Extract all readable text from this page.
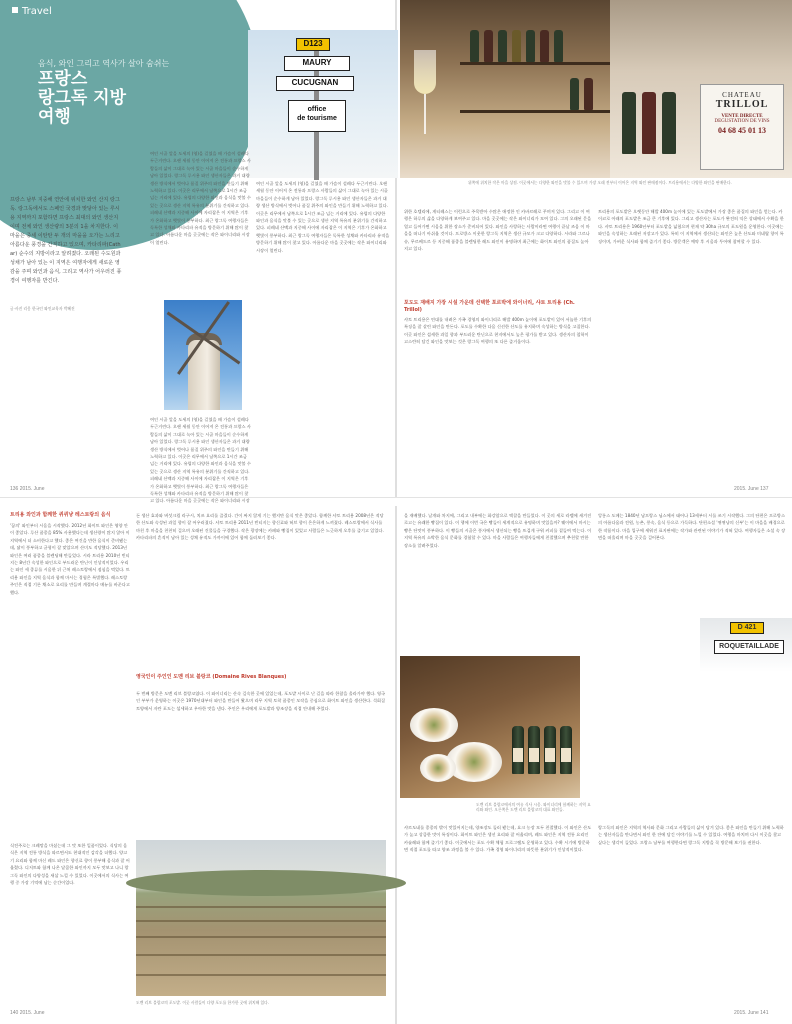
Travel
음식, 와인 그리고 역사가 살아 숨쉬는
프랑스
랑그독 지방
여행
프랑스 남부 지중해 연안에 위치한 와인 산지 랑그독. 랑그독에서도 스페인 국경과 맞닿아 있는 루시용 지역까지 포함하면 프랑스 최대의 와인 생산지이며 전체 와인 생산량의 3분의 1을 차지한다. 이 마을은 중세 이탄탄 두 개의 마을을 오가는 느리고 아름다운 풍경을 간직하고 있으며, 카타리파(Cathar) 순수의 지방이라고 알려졌다. 오래된 수도원과 성채가 남아 있는 이 지역은 여행자에게 새로운 영감을 주며 와인과 음식, 그리고 역사가 어우러진 풍경이 여행자를 반긴다.
글·사진 리옹 한국인 와인교육자 박혜진
D123
MAURY
CUCUGNAN
office
de tourisme
여인 시골 앞을 도세의 (영)을 길였을 때 가슴이 설레다 두근거린다. 오랜 세월 동안 이어져 온 전통과 프랑스 사람들의 삶이 그대로 녹아 있는 시골 마을들이 순수하게 남아 있었다. 랑그독 루시용 와인 생산자들은 과거 대량 생산 방식에서 벗어나 품질 위주의 와인을 만들기 위해 노력하고 있다. 이곳은 리무에서 남쪽으로 1시간 조금 넘는 거리에 있다. 유럽의 다양한 와인과 음식을 맛볼 수 있는 곳으로 생산 지역 특유의 분위기를 간직하고 있다. 피레네 산맥과 지중해 사이에 자리잡은 이 지역은 기후가 온화하고 햇빛이 풍부하다. 최근 랑그독 여행자들은 독특한 성채와 카타리파 유적을 방문하기 위해 많이 찾고 있다. 아름다운 마을 곳곳에는 작은 와이너리와 시장이 열린다.
여인 시골 앞을 도세의 (영)을 길였을 때 가슴이 설레다 두근거린다. 오랜 세월 동안 이어져 온 전통과 프랑스 사람들의 삶이 그대로 녹아 있는 시골 마을들이 순수하게 남아 있었다. 랑그독 루시용 와인 생산자들은 과거 대량 생산 방식에서 벗어나 품질 위주의 와인을 만들기 위해 노력하고 있다. 이곳은 리무에서 남쪽으로 1시간 조금 넘는 거리에 있다. 유럽의 다양한 와인과 음식을 맛볼 수 있는 곳으로 생산 지역 특유의 분위기를 간직하고 있다. 피레네 산맥과 지중해 사이에 자리잡은 이 지역은 기후가 온화하고 햇빛이 풍부하다. 최근 랑그독 여행자들은 독특한 성채와 카타리파 유적을 방문하기 위해 많이 찾고 있다. 아름다운 마을 곳곳에는 작은 와이너리와 시장이 열린다.
여인 시골 앞을 도세의 (영)을 길였을 때 가슴이 설레다 두근거린다. 오랜 세월 동안 이어져 온 전통과 프랑스 사람들의 삶이 그대로 녹아 있는 시골 마을들이 순수하게 남아 있었다. 랑그독 루시용 와인 생산자들은 과거 대량 생산 방식에서 벗어나 품질 위주의 와인을 만들기 위해 노력하고 있다. 이곳은 리무에서 남쪽으로 1시간 조금 넘는 거리에 있다. 유럽의 다양한 와인과 음식을 맛볼 수 있는 곳으로 생산 지역 특유의 분위기를 간직하고 있다. 피레네 산맥과 지중해 사이에 자리잡은 이 지역은 기후가 온화하고 햇빛이 풍부하다. 최근 랑그독 여행자들은 독특한 성채와 카타리파 유적을 방문하기 위해 많이 찾고 있다. 아름다운 마을 곳곳에는 작은 와이너리와 시장
CHATEAU
TRILLOL
VENTE DIRECTE
DEGUSTATION DE VINS
04 68 45 01 13
위쪽에 위치한 작은 마을 상점. 이곳에서는 다양한 와인을 맛볼 수 있으며 가장 오래 전부터 이어온 지역 와인 판매점이다. 트리용에서는 다양한 와인을 판매한다.
위한 호텔리에, 게티레스는 이런으로 주목받아 수많은 애정한 인 카바르레로 꾸며져 있다. 그리고 이 여행은 하루의 삶을 다양하게 보여주고 있다. 마을 곳곳에는 작은 와이너리가 모여 있다. 그의 오래된 문을 열고 들어가면 시음을 위한 장소가 준비되어 있다. 와인을 사랑하는 사람이라면 여행이 끝날 즈음 이 마을을 떠나기 아쉬울 것이다. 프로방스 이웃한 랑그독 지역은 생산 규모가 크고 다양하다. 시라와 그르나슈, 무르베드르 등 지중해 품종을 블렌딩한 레드 와인이 유명하며 최근에는 화이트 와인의 품질도 높아지고 있다.
포도도 재배지 가장 시설 가운데 선택한 포르박에 와이너리, 샤토 트리용 (Ch. Trillol)
샤토 트리용은 연대를 내려온 가족 경영의 와이너리로 해발 400m 높이에 포도밭이 있어 서늘한 기후의 특징을 잘 살린 와인을 만든다. 포도를 수확한 다음 신선한 산도를 유지하며 숙성하는 방식을 고집한다. 이곳 와인은 섬세한 과일 향과 부드러운 탄닌으로 현지에서도 높은 평가를 받고 있다. 생산자의 철학이 고스란히 담긴 와인을 맛보는 것은 랑그독 여행의 또 다른 즐거움이다.
트리용의 포도밭은 오랫동안 해발 400m 높이에 있는 포도밭에서 가장 좋은 품질의 와인을 얻는다. 카이코로 아래의 포도밭은 조금 큰 기후에 있다. 그리고 생산자는 포도가 완전히 익은 상태에서 수확을 한다. 샤토 트리용은 1960년부터 포도밭을 넓혔으며 현재 약 30ha 규모의 포도원을 운영한다. 이곳에는 와인을 숙성하는 오래된 저장고가 있다. 특히 이 지역에서 생산되는 와인은 높은 산도와 미네랄 향이 특징이며, 가벼운 식사와 함께 즐기기 좋다. 방문객은 예약 후 시음과 투어에 참여할 수 있다.
136 2015. June	2015. June 137
트리용 와인과 함께한 퀴퀴냥 레스토랑의 음식
'꿈의' 와인부터 시음을 시작했다. 2012년 화이트 와인은 영양 안이 좋았다. 루산 품종을 85% 사용했다는데 생산량이 많지 않아 이 지역에서 더 소비한다고 했다. 좋은 여건을 만한 음식이 준비됐는데, 닭이 풍부하고 균형이 잘 맞았으며 산미도 적당했다. 2013년 와인은 여러 품종을 블렌딩해 만들었다. 시라 트리용 2010년 빈티지는 8년간 숙성한 와인으로 부드러운 탄닌이 인상적이었다. 우리는 와인 세 종류를 시음한 뒤 근처 레스토랑에서 점심을 먹었다. 트리용 와인을 지역 음식과 함께 마시는 경험은 특별했다. 레스토랑 주인은 직접 기른 채소로 요리를 만들며 계절마다 메뉴를 바꾼다고 했다.
식전주로는 크레망을 마셨는데 그 맛 또한 일품이었다. 식당의 음식은 지역 전통 방식을 따르면서도 현대적인 감각을 더했다. 양고기 요리와 함께 마신 레드 와인은 향신료 향이 풍부해 음식과 잘 어울렸다. 디저트와 함께 나온 달콤한 와인까지 모두 맛보고 나니 랑그독 와인의 다양성을 새삼 느낄 수 있었다. 이곳에서의 식사는 여행 중 가장 기억에 남는 순간이었다.
돈 생산 효과와 버섯크림 라구시, 치즈 요리를 즐겼다. 간이 짜지 않게 기는 했지만 음식 맛은 좋았다. 함께한 샤토 트리용 2008년은 적당한 산도와 숙성된 과일 향이 잘 어우러졌다. 샤토 트리용 2011년 빈티지는 향신료와 허브 향이 은은하게 느껴졌다. 레스토랑에서 식사를 마친 후 마을을 천천히 걸으며 오래된 건물들을 구경했다. 작은 광장에는 카페와 빵집이 있었고 사람들은 느긋하게 오후를 즐기고 있었다. 카타리파의 흔적이 남아 있는 성채 유적도 가까이에 있어 함께 둘러보기 좋다.
영국인이 주인인 도멘 리브 블랑코 (Domaine Rives Blanques)
두 번째 방문은 도멘 리브 블랑코였다. 이 와이너리는 산속 깊숙한 곳에 있었는데, 포도밭 사이로 난 길을 따라 한참을 올라가야 했다. 영국인 부부가 운영하는 이곳은 1970년대부터 와인을 만들어 왔으며 리무 지역 토착 품종인 모작을 중심으로 화이트 와인을 생산한다. 석회질 토양에서 자란 포도는 섬세하고 우아한 맛을 낸다. 주인은 우리에게 포도밭과 양조장을 직접 안내해 주었다.
도멘 리브 블랑코의 포도밭. 이곳 사람들이 다양 포도를 한가한 곳에 위치해 있다.
을 재배했다. 날개와 차지에, 그리고 내부에는 화강암으로 액찰을 만들었다. 이 곳의 세로 라벨에 새겨진 로고는 유쾌한 빵집이 있다. 이 행에 이번 국은 빵들이 세계적으로 유명하며 맛있을까? 퀘이에서 마시는 빵은 단맛이 풍부하다. 이 빵들의 시골은 풍자에서 생산되는 빵을 뜨겁게 구워 커피를 곁들여 먹는다. 이 지역 특유의 소박한 음식 문화를 경험할 수 있다. 마을 사람들은 여행자들에게 친절했으며 추천할 만한 장소를 알려주었다.
도멘 리브 블랑코에서의 여유 식사 시음. 와이너리에 함께하는 지역 요리와 와인. 오른쪽은 도멘 리브 블랑코의 대표 와인들.
샤르도네를 종종의 밖이 맛있어지는데, 양조장도 둘러 봤는데, 요크 농장 모두 친절했다. 이 와인은 산도가 높고 상큼한 맛이 특징이다. 화이트 와인은 생선 요리와 잘 어울리며, 레드 와인은 지역 전통 요리인 카술레와 함께 즐기기 좋다. 이곳에서는 포도 수확 체험 프로그램도 운영하고 있다. 수확 시기에 방문하면 직접 포도를 따고 양조 과정을 볼 수 있다. 가족 경영 와이너리의 따뜻한 분위기가 인상적이었다.
앙롱스 도메는 1840년 남프랑스 님스에서 태어나 13세부터 시를 쓰기 시작했다. 그의 단편은 프로방스의 아름다움과 전원, 농촌, 풍속, 음식 등으로 가득하다. 단편소설 '퀴퀴냥의 신부'는 이 마을을 배경으로 한 작품이다. 마을 입구에 세워진 표지판에는 작가와 관련된 이야기가 적혀 있다. 여행자들은 소설 속 장면을 떠올리며 마을 곳곳을 걸어본다.
D 421
ROQUETAILLADE
랑그독의 와인은 지역의 역사와 문화 그리고 사람들의 삶이 담겨 있다. 좋은 와인을 만들기 위해 노력하는 생산자들을 만나면서 와인 한 잔에 담긴 이야기를 느낄 수 있었다. 여행을 마치며 다시 이곳을 찾고 싶다는 생각이 들었다. 프랑스 남부를 여행한다면 랑그독 지방을 꼭 방문해 보기를 권한다.
140 2015. June	2015. June 141
